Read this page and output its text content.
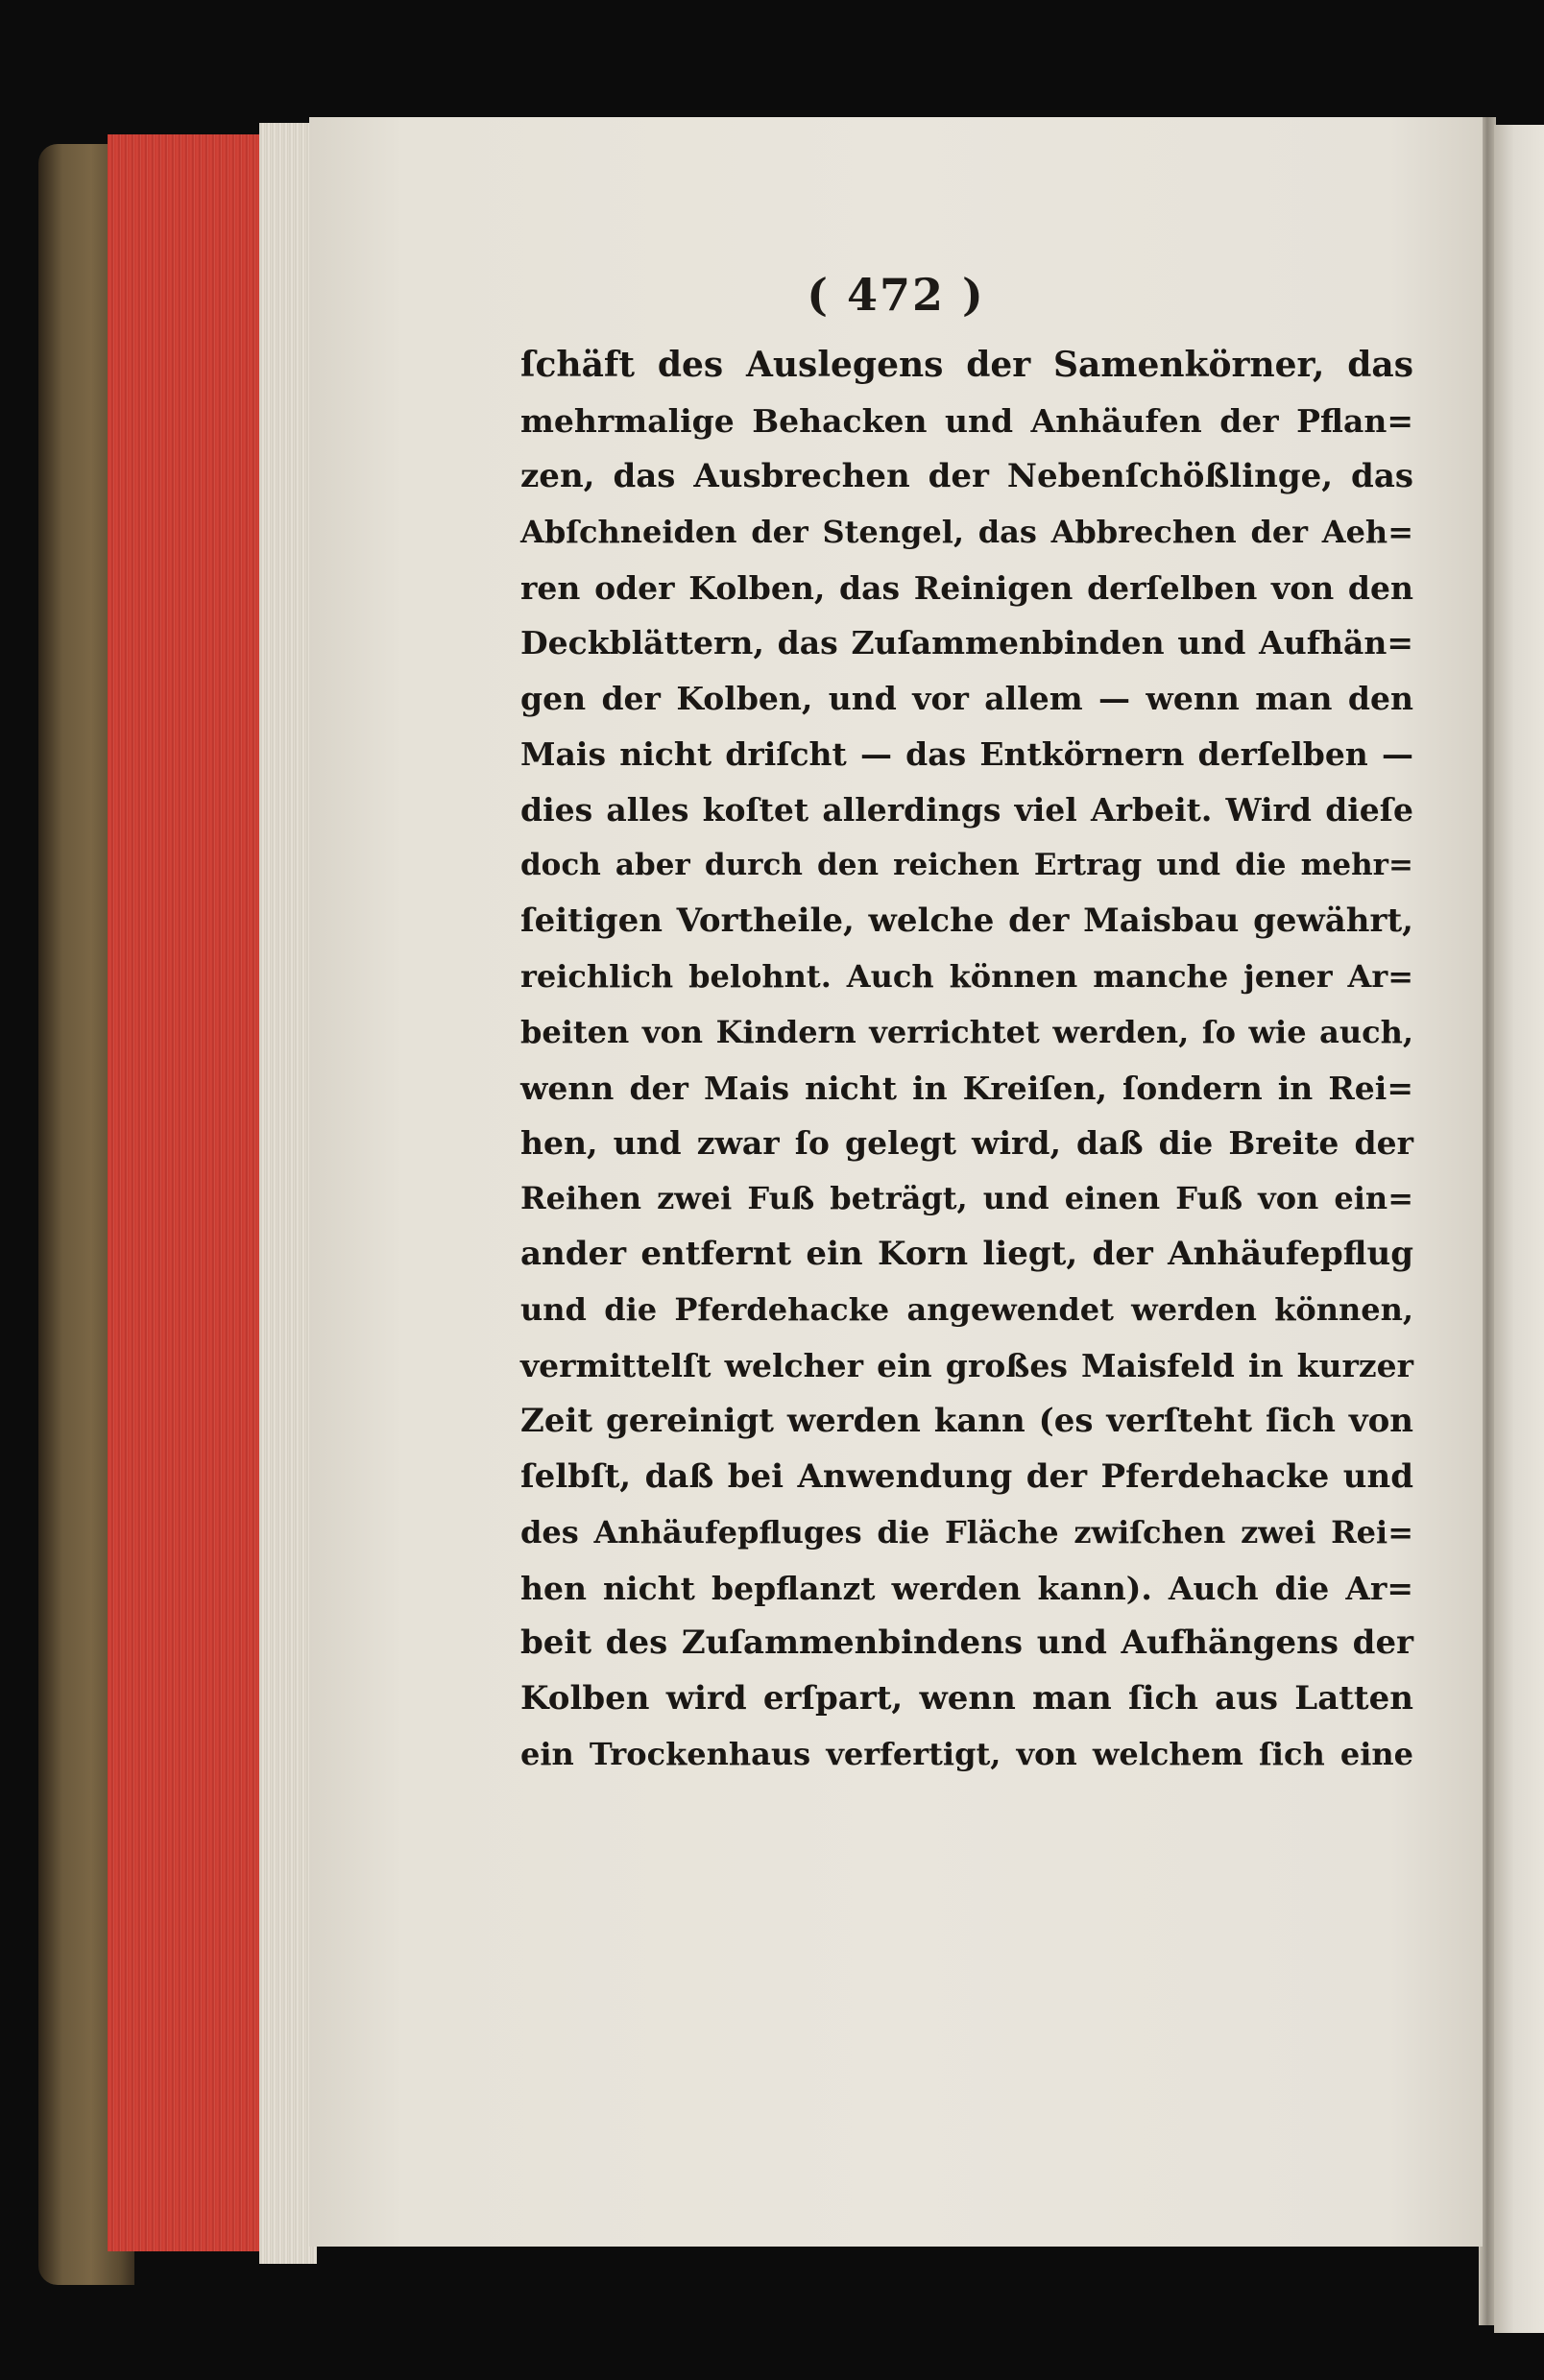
( 472 )
ſchäft des Auslegens der Samenkörner, das
mehrmalige Behacken und Anhäufen der Pflan=
zen, das Ausbrechen der Nebenſchößlinge, das
Abſchneiden der Stengel, das Abbrechen der Aeh=
ren oder Kolben, das Reinigen derſelben von den
Deckblättern, das Zuſammenbinden und Aufhän=
gen der Kolben, und vor allem — wenn man den
Mais nicht driſcht — das Entkörnern derſelben —
dies alles koſtet allerdings viel Arbeit. Wird dieſe
doch aber durch den reichen Ertrag und die mehr=
ſeitigen Vortheile, welche der Maisbau gewährt,
reichlich belohnt. Auch können manche jener Ar=
beiten von Kindern verrichtet werden, ſo wie auch,
wenn der Mais nicht in Kreiſen, ſondern in Rei=
hen, und zwar ſo gelegt wird, daß die Breite der
Reihen zwei Fuß beträgt, und einen Fuß von ein=
ander entfernt ein Korn liegt, der Anhäufepflug
und die Pferdehacke angewendet werden können,
vermittelſt welcher ein großes Maisfeld in kurzer
Zeit gereinigt werden kann (es verſteht ſich von
ſelbſt, daß bei Anwendung der Pferdehacke und
des Anhäufepfluges die Fläche zwiſchen zwei Rei=
hen nicht bepflanzt werden kann). Auch die Ar=
beit des Zuſammenbindens und Aufhängens der
Kolben wird erſpart, wenn man ſich aus Latten
ein Trockenhaus verfertigt, von welchem ſich eine
